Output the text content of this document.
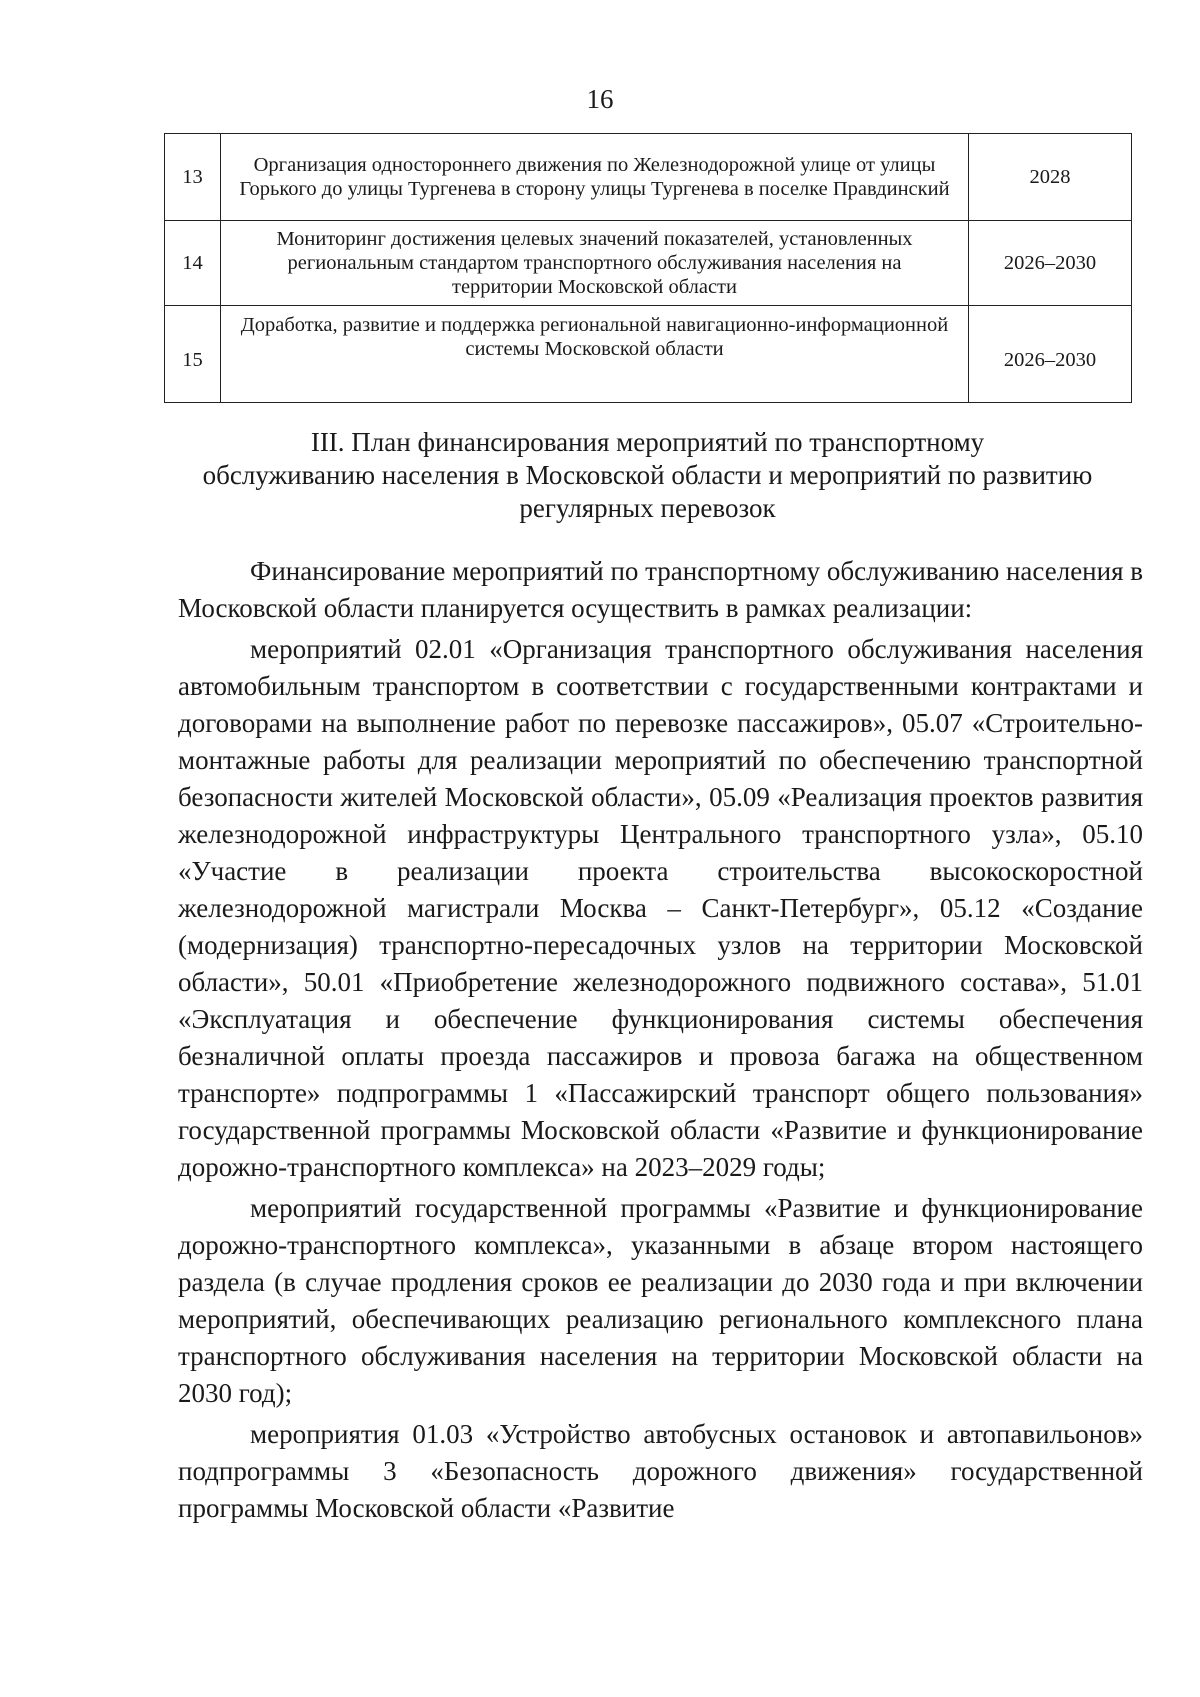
16
13	Организация одностороннего движения по Железнодорожной улице от улицы Горького до улицы Тургенева в сторону улицы Тургенева в поселке Правдинский	2028
14	Мониторинг достижения целевых значений показателей, установленных региональным стандартом транспортного обслуживания населения на территории Московской области	2026–2030
15	Доработка, развитие и поддержка региональной навигационно-информационной системы Московской области	2026–2030
III. План финансирования мероприятий по транспортному
обслуживанию населения в Московской области и мероприятий по развитию
регулярных перевозок

Финансирование мероприятий по транспортному обслуживанию населения в Московской области планируется осуществить в рамках реализации:

мероприятий 02.01 «Организация транспортного обслуживания населения автомобильным транспортом в соответствии с государственными контрактами и договорами на выполнение работ по перевозке пассажиров», 05.07 «Строительно-монтажные работы для реализации мероприятий по обеспечению транспортной безопасности жителей Московской области», 05.09 «Реализация проектов развития железнодорожной инфраструктуры Центрального транспортного узла», 05.10 «Участие в реализации проекта строительства высокоскоростной железнодорожной магистрали Москва – Санкт-Петербург», 05.12 «Создание (модернизация) транспортно-пересадочных узлов на территории Московской области», 50.01 «Приобретение железнодорожного подвижного состава», 51.01 «Эксплуатация и обеспечение функционирования системы обеспечения безналичной оплаты проезда пассажиров и провоза багажа на общественном транспорте» подпрограммы 1 «Пассажирский транспорт общего пользования» государственной программы Московской области «Развитие и функционирование дорожно-транспортного комплекса» на 2023–2029 годы;

мероприятий государственной программы «Развитие и функционирование дорожно-транспортного комплекса», указанными в абзаце втором настоящего раздела (в случае продления сроков ее реализации до 2030 года и при включении мероприятий, обеспечивающих реализацию регионального комплексного плана транспортного обслуживания населения на территории Московской области на 2030 год);

мероприятия 01.03 «Устройство автобусных остановок и автопавильонов» подпрограммы 3 «Безопасность дорожного движения» государственной программы Московской области «Развитие
